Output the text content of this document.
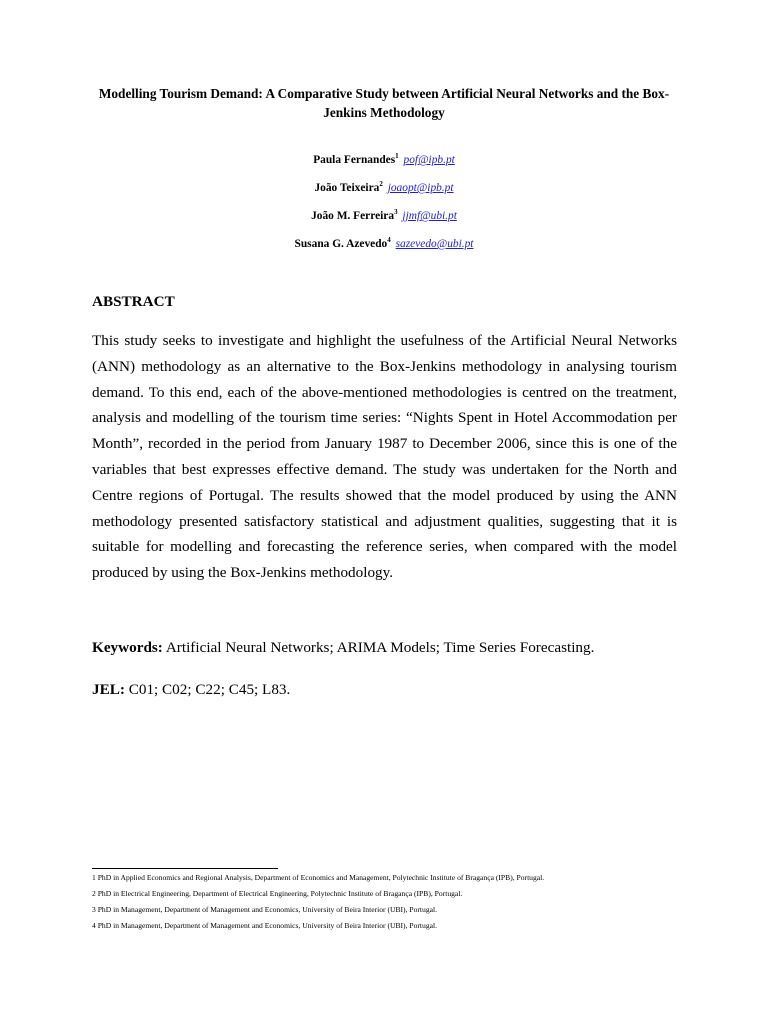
Modelling Tourism Demand: A Comparative Study between Artificial Neural Networks and the Box-Jenkins Methodology
Paula Fernandes$^1$ pof@ipb.pt
João Teixeira$^2$ joaopt@ipb.pt
João M. Ferreira$^3$ jjmf@ubi.pt
Susana G. Azevedo$^4$ sazevedo@ubi.pt
ABSTRACT
This study seeks to investigate and highlight the usefulness of the Artificial Neural Networks (ANN) methodology as an alternative to the Box-Jenkins methodology in analysing tourism demand. To this end, each of the above-mentioned methodologies is centred on the treatment, analysis and modelling of the tourism time series: “Nights Spent in Hotel Accommodation per Month”, recorded in the period from January 1987 to December 2006, since this is one of the variables that best expresses effective demand. The study was undertaken for the North and Centre regions of Portugal. The results showed that the model produced by using the ANN methodology presented satisfactory statistical and adjustment qualities, suggesting that it is suitable for modelling and forecasting the reference series, when compared with the model produced by using the Box-Jenkins methodology.
Keywords: Artificial Neural Networks; ARIMA Models; Time Series Forecasting.
JEL: C01; C02; C22; C45; L83.
1 PhD in Applied Economics and Regional Analysis, Department of Economics and Management, Polytechnic Institute of Bragança (IPB), Portugal.
2 PhD in Electrical Engineering, Department of Electrical Engineering, Polytechnic Institute of Bragança (IPB), Portugal.
3 PhD in Management, Department of Management and Economics, University of Beira Interior (UBI), Portugal.
4 PhD in Management, Department of Management and Economics, University of Beira Interior (UBI), Portugal.
